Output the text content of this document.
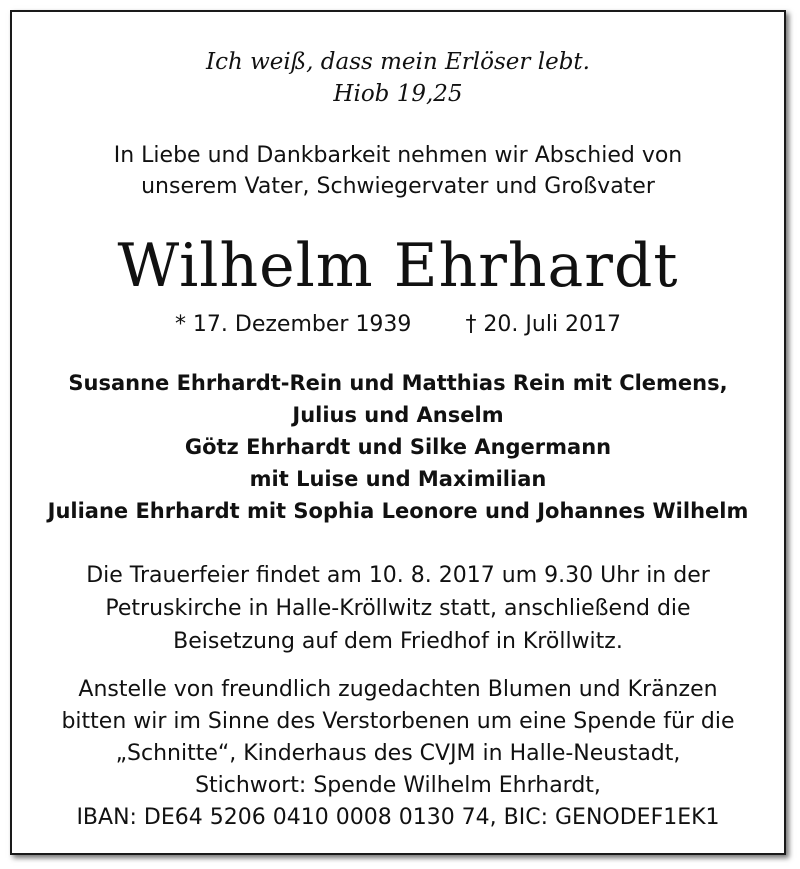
Ich weiß, dass mein Erlöser lebt.
Hiob 19,25
In Liebe und Dankbarkeit nehmen wir Abschied von
unserem Vater, Schwiegervater und Großvater
Wilhelm Ehrhardt
* 17. Dezember 1939 † 20. Juli 2017
Susanne Ehrhardt-Rein und Matthias Rein mit Clemens,
Julius und Anselm
Götz Ehrhardt und Silke Angermann
mit Luise und Maximilian
Juliane Ehrhardt mit Sophia Leonore und Johannes Wilhelm
Die Trauerfeier findet am 10. 8. 2017 um 9.30 Uhr in der
Petruskirche in Halle-Kröllwitz statt, anschließend die
Beisetzung auf dem Friedhof in Kröllwitz.
Anstelle von freundlich zugedachten Blumen und Kränzen
bitten wir im Sinne des Verstorbenen um eine Spende für die
„Schnitte“, Kinderhaus des CVJM in Halle-Neustadt,
Stichwort: Spende Wilhelm Ehrhardt,
IBAN: DE64 5206 0410 0008 0130 74, BIC: GENODEF1EK1
